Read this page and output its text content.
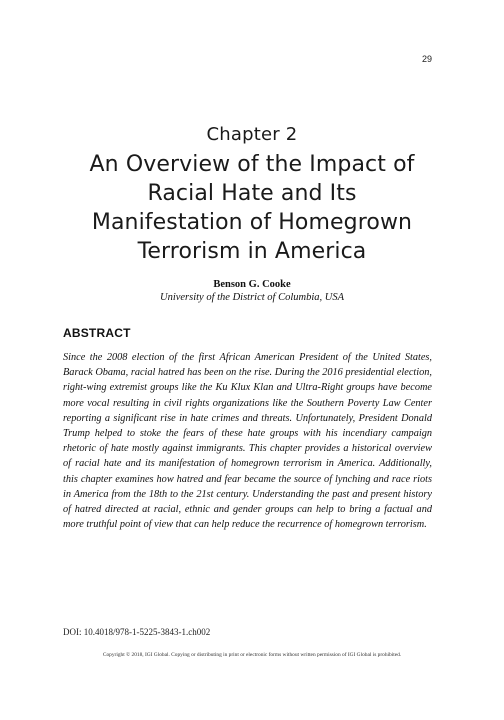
29
Chapter 2
An Overview of the Impact of Racial Hate and Its Manifestation of Homegrown Terrorism in America
Benson G. Cooke
University of the District of Columbia, USA
ABSTRACT
Since the 2008 election of the first African American President of the United States, Barack Obama, racial hatred has been on the rise. During the 2016 presidential election, right-wing extremist groups like the Ku Klux Klan and Ultra-Right groups have become more vocal resulting in civil rights organizations like the Southern Poverty Law Center reporting a significant rise in hate crimes and threats. Unfortunately, President Donald Trump helped to stoke the fears of these hate groups with his incendiary campaign rhetoric of hate mostly against immigrants. This chapter provides a historical overview of racial hate and its manifestation of homegrown terrorism in America. Additionally, this chapter examines how hatred and fear became the source of lynching and race riots in America from the 18th to the 21st century. Understanding the past and present history of hatred directed at racial, ethnic and gender groups can help to bring a factual and more truthful point of view that can help reduce the recurrence of homegrown terrorism.
DOI: 10.4018/978-1-5225-3843-1.ch002
Copyright © 2018, IGI Global. Copying or distributing in print or electronic forms without written permission of IGI Global is prohibited.
